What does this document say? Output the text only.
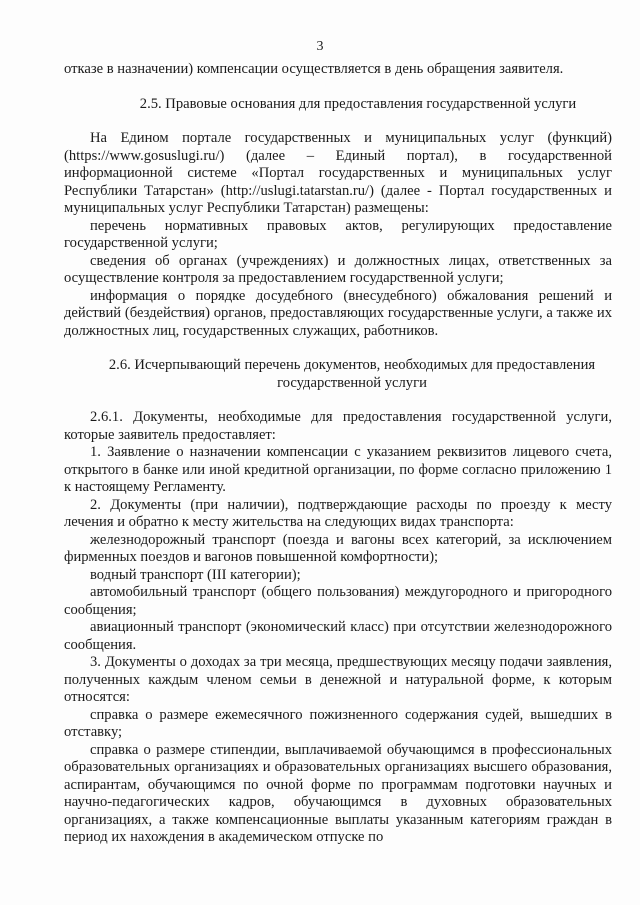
3

отказе в назначении) компенсации осуществляется в день обращения заявителя.

2.5. Правовые основания для предоставления государственной услуги

На Едином портале государственных и муниципальных услуг (функций) (https://www.gosuslugi.ru/) (далее – Единый портал), в государственной информационной системе «Портал государственных и муниципальных услуг Республики Татарстан» (http://uslugi.tatarstan.ru/) (далее - Портал государственных и муниципальных услуг Республики Татарстан) размещены:

перечень нормативных правовых актов, регулирующих предоставление государственной услуги;

сведения об органах (учреждениях) и должностных лицах, ответственных за осуществление контроля за предоставлением государственной услуги;

информация о порядке досудебного (внесудебного) обжалования решений и действий (бездействия) органов, предоставляющих государственные услуги, а также их должностных лиц, государственных служащих, работников.

2.6. Исчерпывающий перечень документов, необходимых для предоставления
государственной услуги

2.6.1. Документы, необходимые для предоставления государственной услуги, которые заявитель предоставляет:

1. Заявление о назначении компенсации с указанием реквизитов лицевого счета, открытого в банке или иной кредитной организации, по форме согласно приложению 1 к настоящему Регламенту.

2. Документы (при наличии), подтверждающие расходы по проезду к месту лечения и обратно к месту жительства на следующих видах транспорта:

железнодорожный транспорт (поезда и вагоны всех категорий, за исключением фирменных поездов и вагонов повышенной комфортности);

водный транспорт (III категории);

автомобильный транспорт (общего пользования) междугородного и пригородного сообщения;

авиационный транспорт (экономический класс) при отсутствии железнодорожного сообщения.

3. Документы о доходах за три месяца, предшествующих месяцу подачи заявления, полученных каждым членом семьи в денежной и натуральной форме, к которым относятся:

справка о размере ежемесячного пожизненного содержания судей, вышедших в отставку;

справка о размере стипендии, выплачиваемой обучающимся в профессиональных образовательных организациях и образовательных организациях высшего образования, аспирантам, обучающимся по очной форме по программам подготовки научных и научно-педагогических кадров, обучающимся в духовных образовательных организациях, а также компенсационные выплаты указанным категориям граждан в период их нахождения в академическом отпуске по
